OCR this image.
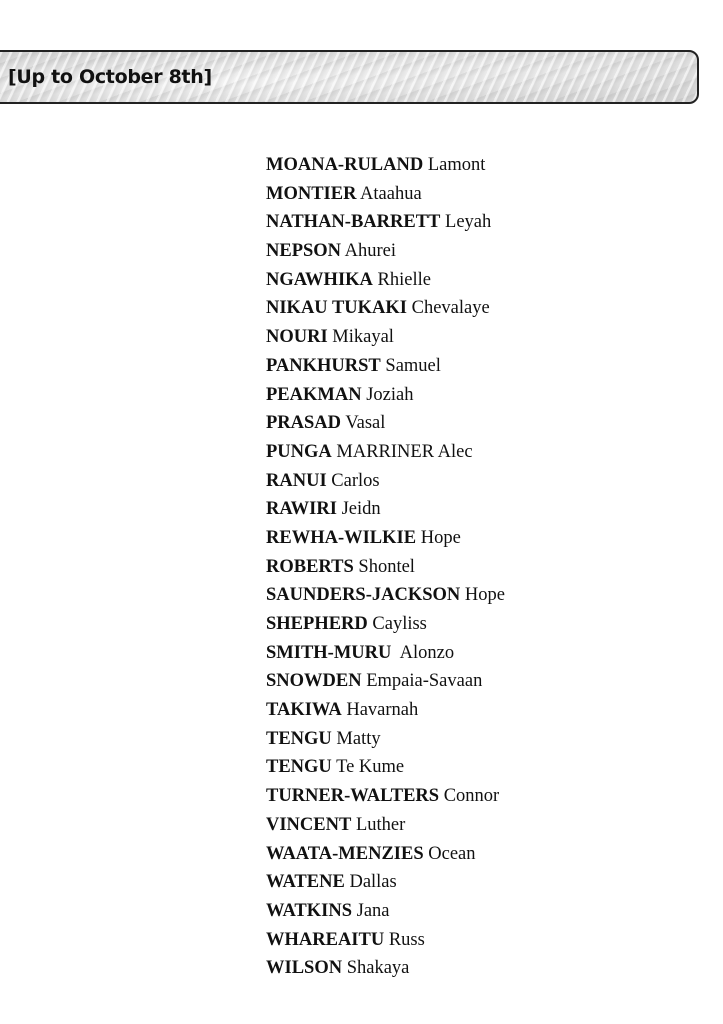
[Up to October 8th]
MOANA-RULAND Lamont
MONTIER Ataahua
NATHAN-BARRETT Leyah
NEPSON Ahurei
NGAWHIKA Rhielle
NIKAU TUKAKI Chevalaye
NOURI Mikayal
PANKHURST Samuel
PEAKMAN Joziah
PRASAD Vasal
PUNGA MARRINER Alec
RANUI Carlos
RAWIRI Jeidn
REWHA-WILKIE Hope
ROBERTS Shontel
SAUNDERS-JACKSON Hope
SHEPHERD Cayliss
SMITH-MURU  Alonzo
SNOWDEN Empaia-Savaan
TAKIWA Havarnah
TENGU Matty
TENGU Te Kume
TURNER-WALTERS Connor
VINCENT Luther
WAATA-MENZIES Ocean
WATENE Dallas
WATKINS Jana
WHAREAITU Russ
WILSON Shakaya
